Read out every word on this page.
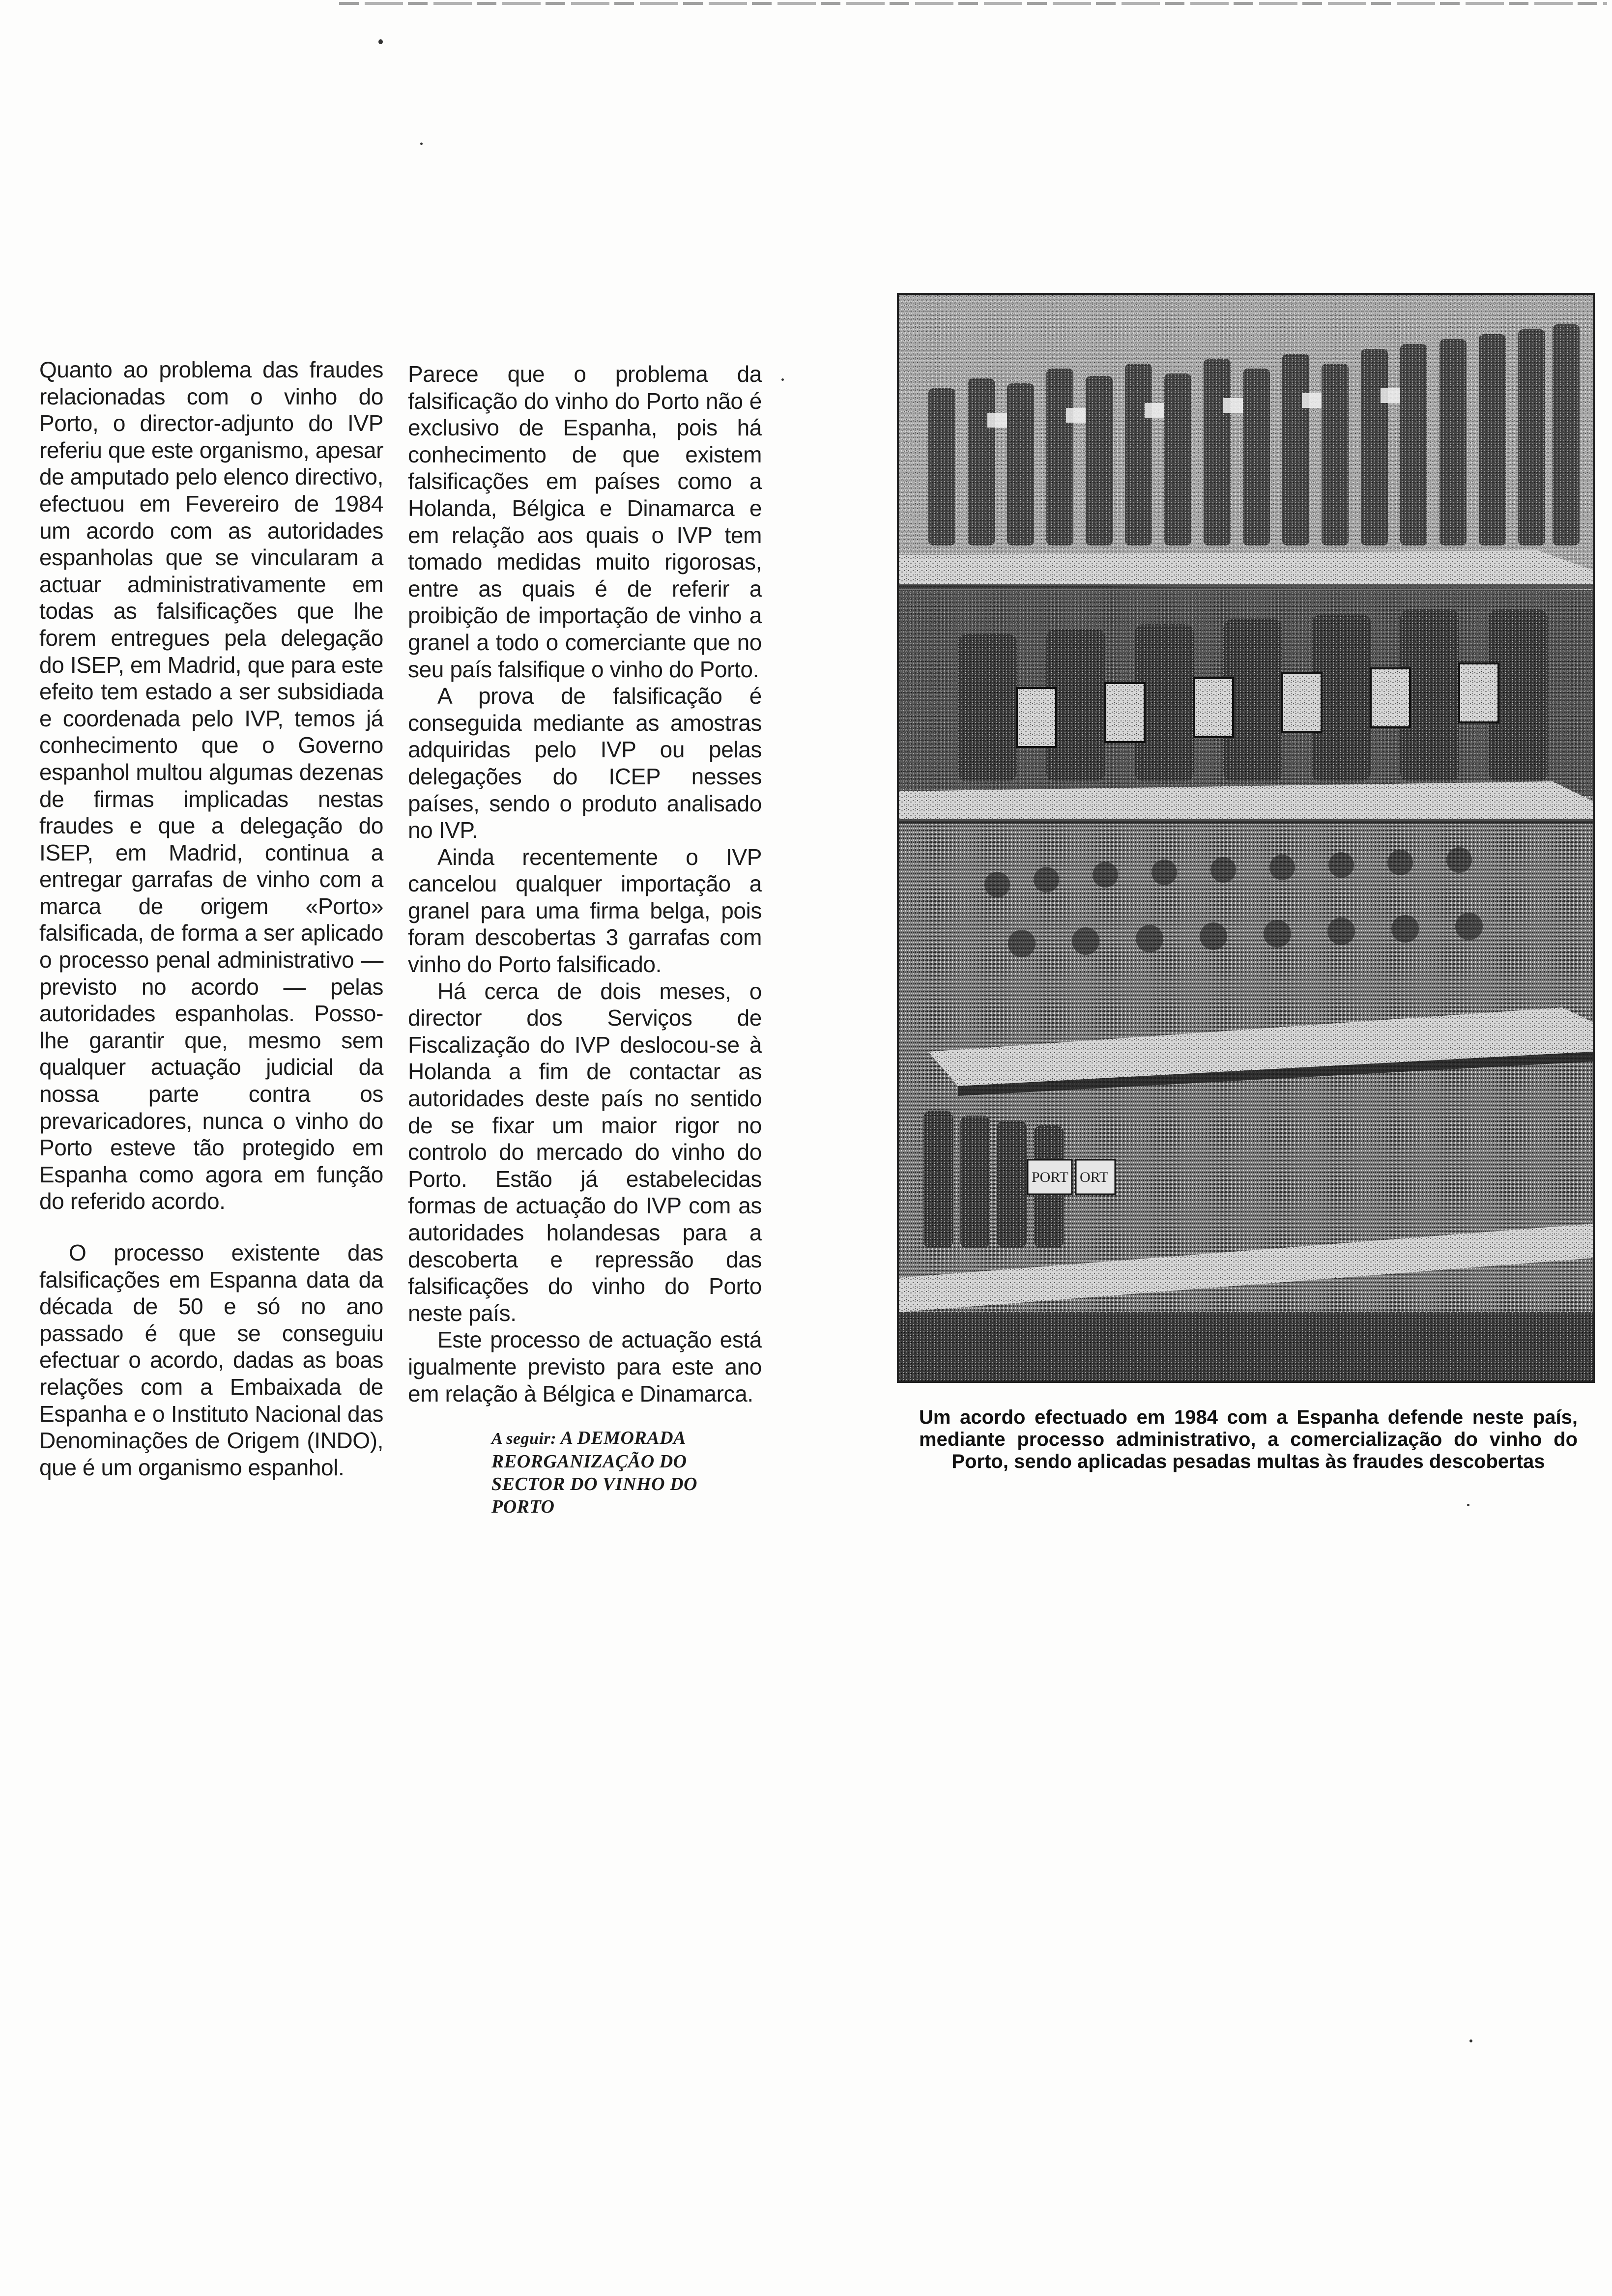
Quanto ao problema das fraudes relacionadas com o vinho do Porto, o director-adjunto do IVP referiu que este organismo, apesar de amputado pelo elenco directivo, efectuou em Fevereiro de 1984 um acordo com as autoridades espanholas que se vincularam a actuar administrativamente em todas as falsificações que lhe forem entregues pela delegação do ISEP, em Madrid, que para este efeito tem estado a ser subsidiada e coordenada pelo IVP, temos já conhecimento que o Governo espanhol multou algumas dezenas de firmas implicadas nestas fraudes e que a delegação do ISEP, em Madrid, continua a entregar garrafas de vinho com a marca de origem «Porto» falsificada, de forma a ser aplicado o processo penal administrativo — previsto no acordo — pelas autoridades espanholas. Posso-lhe garantir que, mesmo sem qualquer actuação judicial da nossa parte contra os prevaricadores, nunca o vinho do Porto esteve tão protegido em Espanha como agora em função do referido acordo.

O processo existente das falsificações em Espanna data da década de 50 e só no ano passado é que se conseguiu efectuar o acordo, dadas as boas relações com a Embaixada de Espanha e o Instituto Nacional das Denominações de Origem (INDO), que é um organismo espanhol.

Parece que o problema da falsificação do vinho do Porto não é exclusivo de Espanha, pois há conhecimento de que existem falsificações em países como a Holanda, Bélgica e Dinamarca e em relação aos quais o IVP tem tomado medidas muito rigorosas, entre as quais é de referir a proibição de importação de vinho a granel a todo o comerciante que no seu país falsifique o vinho do Porto.

A prova de falsificação é conseguida mediante as amostras adquiridas pelo IVP ou pelas delegações do ICEP nesses países, sendo o produto analisado no IVP.

Ainda recentemente o IVP cancelou qualquer importação a granel para uma firma belga, pois foram descobertas 3 garrafas com vinho do Porto falsificado.

Há cerca de dois meses, o director dos Serviços de Fiscalização do IVP deslocou-se à Holanda a fim de contactar as autoridades deste país no sentido de se fixar um maior rigor no controlo do mercado do vinho do Porto. Estão já estabelecidas formas de actuação do IVP com as autoridades holandesas para a descoberta e repressão das falsificações do vinho do Porto neste país.

Este processo de actuação está igualmente previsto para este ano em relação à Bélgica e Dinamarca.

A seguir: A DEMORADA REORGANIZAÇÃO DO SECTOR DO VINHO DO PORTO
PORT ORT
Um acordo efectuado em 1984 com a Espanha defende neste país, mediante processo administrativo, a comercialização do vinho do Porto, sendo aplicadas pesadas multas às fraudes descobertas
